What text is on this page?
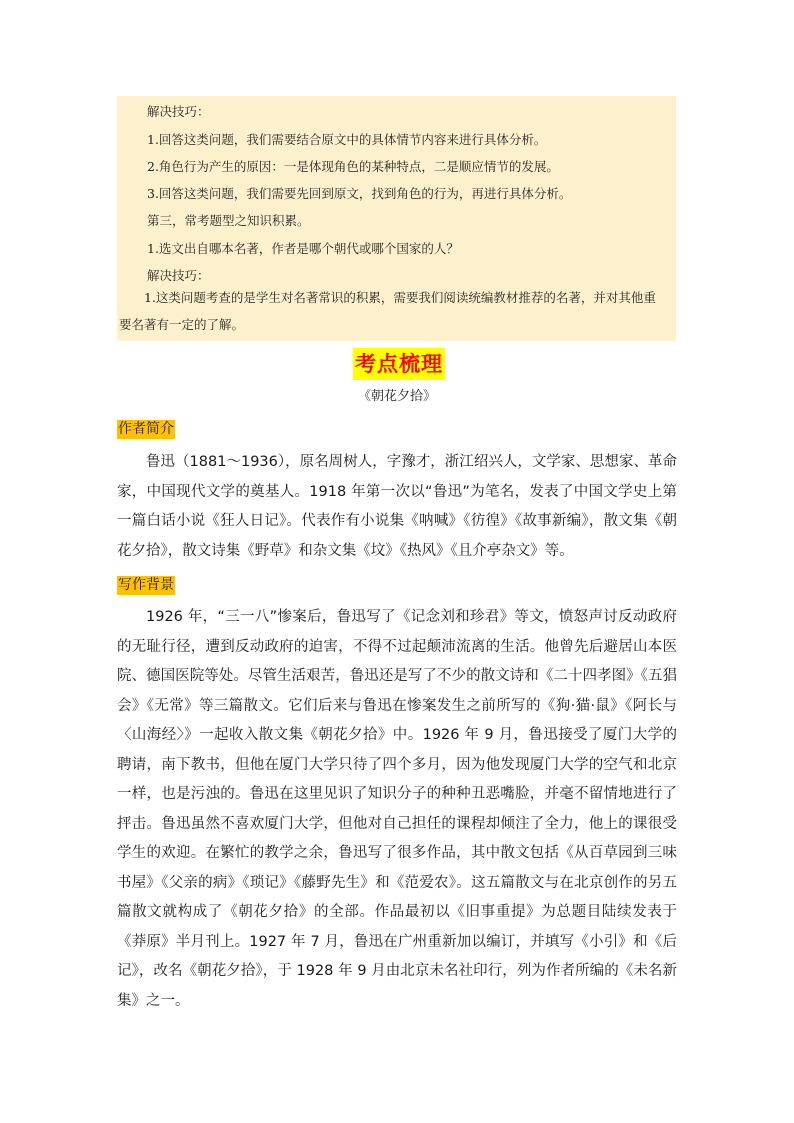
解决技巧：
1.回答这类问题，我们需要结合原文中的具体情节内容来进行具体分析。
2.角色行为产生的原因：一是体现角色的某种特点，二是顺应情节的发展。
3.回答这类问题，我们需要先回到原文，找到角色的行为，再进行具体分析。
第三，常考题型之知识积累。
1.选文出自哪本名著，作者是哪个朝代或哪个国家的人？
解决技巧：
1.这类问题考查的是学生对名著常识的积累，需要我们阅读统编教材推荐的名著，并对其他重要名著有一定的了解。
考点梳理
《朝花夕拾》
作者简介

鲁迅（1881～1936），原名周树人，字豫才，浙江绍兴人，文学家、思想家、革命家，中国现代文学的奠基人。1918 年第一次以“鲁迅”为笔名，发表了中国文学史上第一篇白话小说《狂人日记》。代表作有小说集《呐喊》《彷徨》《故事新编》，散文集《朝花夕拾》，散文诗集《野草》和杂文集《坟》《热风》《且介亭杂文》等。

写作背景

1926 年，“三一八”惨案后，鲁迅写了《记念刘和珍君》等文，愤怒声讨反动政府的无耻行径，遭到反动政府的迫害，不得不过起颠沛流离的生活。他曾先后避居山本医院、德国医院等处。尽管生活艰苦，鲁迅还是写了不少的散文诗和《二十四孝图》《五猖会》《无常》等三篇散文。它们后来与鲁迅在惨案发生之前所写的《狗·猫·鼠》《阿长与〈山海经〉》一起收入散文集《朝花夕拾》中。1926 年 9 月，鲁迅接受了厦门大学的聘请，南下教书，但他在厦门大学只待了四个多月，因为他发现厦门大学的空气和北京一样，也是污浊的。鲁迅在这里见识了知识分子的种种丑恶嘴脸，并毫不留情地进行了抨击。鲁迅虽然不喜欢厦门大学，但他对自己担任的课程却倾注了全力，他上的课很受学生的欢迎。在繁忙的教学之余，鲁迅写了很多作品，其中散文包括《从百草园到三味书屋》《父亲的病》《琐记》《藤野先生》和《范爱农》。这五篇散文与在北京创作的另五篇散文就构成了《朝花夕拾》的全部。作品最初以《旧事重提》为总题目陆续发表于《莽原》半月刊上。1927 年 7 月，鲁迅在广州重新加以编订，并填写《小引》和《后记》，改名《朝花夕拾》，于 1928 年 9 月由北京未名社印行，列为作者所编的《未名新集》之一。
